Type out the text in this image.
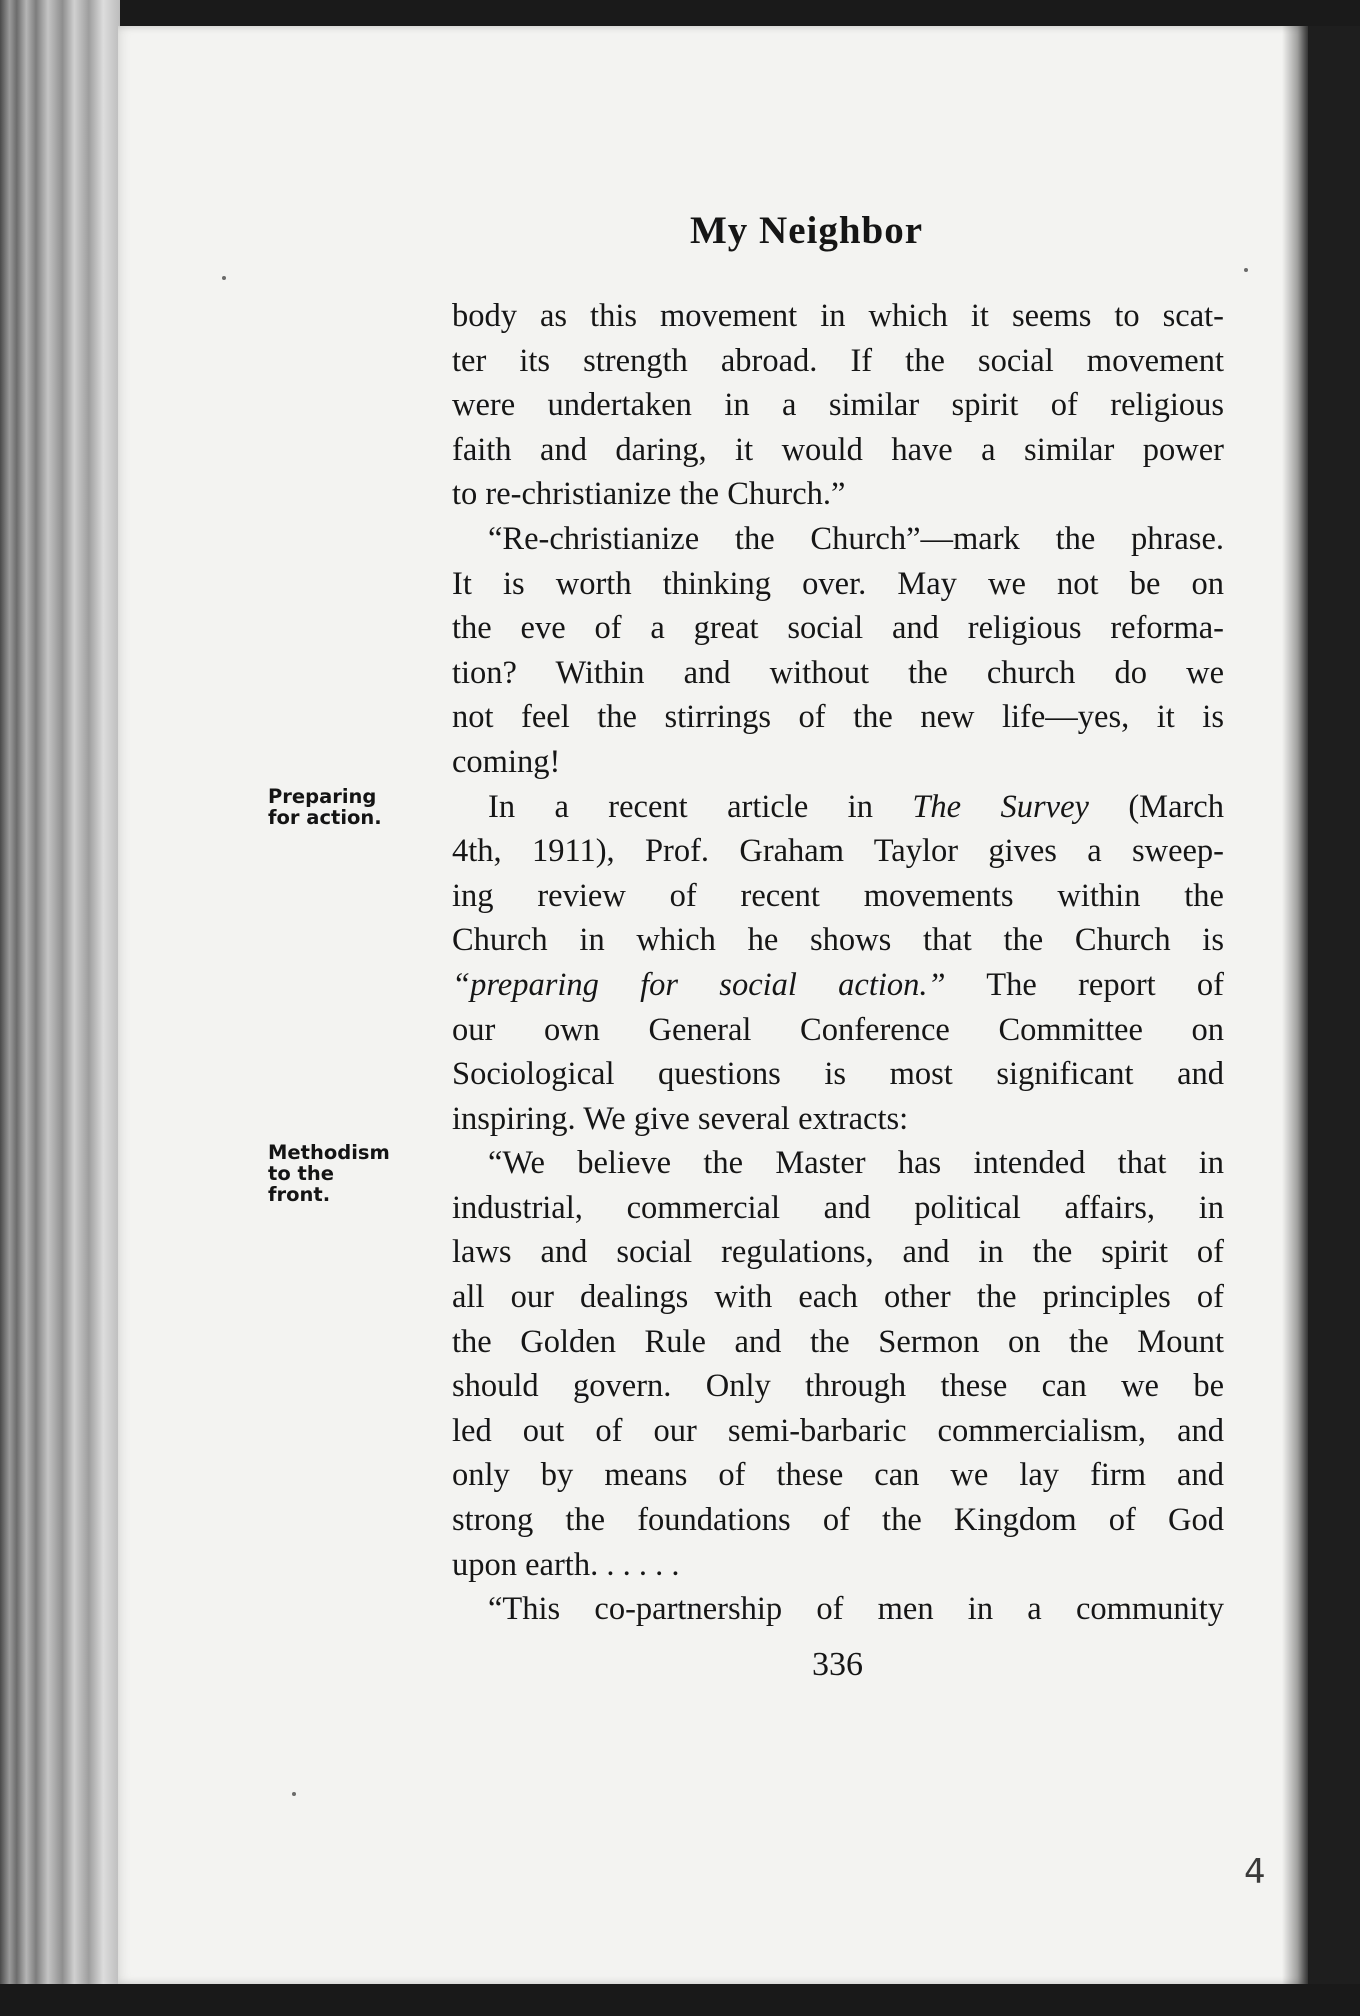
My Neighbor
Preparing
for action.
Methodism
to the
front.
body as this movement in which it seems to scat-
ter its strength abroad. If the social movement
were undertaken in a similar spirit of religious
faith and daring, it would have a similar power
to re-christianize the Church.”
“Re-christianize the Church”—mark the phrase.
It is worth thinking over. May we not be on
the eve of a great social and religious reforma-
tion? Within and without the church do we
not feel the stirrings of the new life—yes, it is
coming!
In a recent article in The Survey (March
4th, 1911), Prof. Graham Taylor gives a sweep-
ing review of recent movements within the
Church in which he shows that the Church is
“preparing for social action.” The report of
our own General Conference Committee on
Sociological questions is most significant and
inspiring. We give several extracts:
“We believe the Master has intended that in
industrial, commercial and political affairs, in
laws and social regulations, and in the spirit of
all our dealings with each other the principles of
the Golden Rule and the Sermon on the Mount
should govern. Only through these can we be
led out of our semi-barbaric commercialism, and
only by means of these can we lay firm and
strong the foundations of the Kingdom of God
upon earth. . . . . .
“This co-partnership of men in a community
336
4
